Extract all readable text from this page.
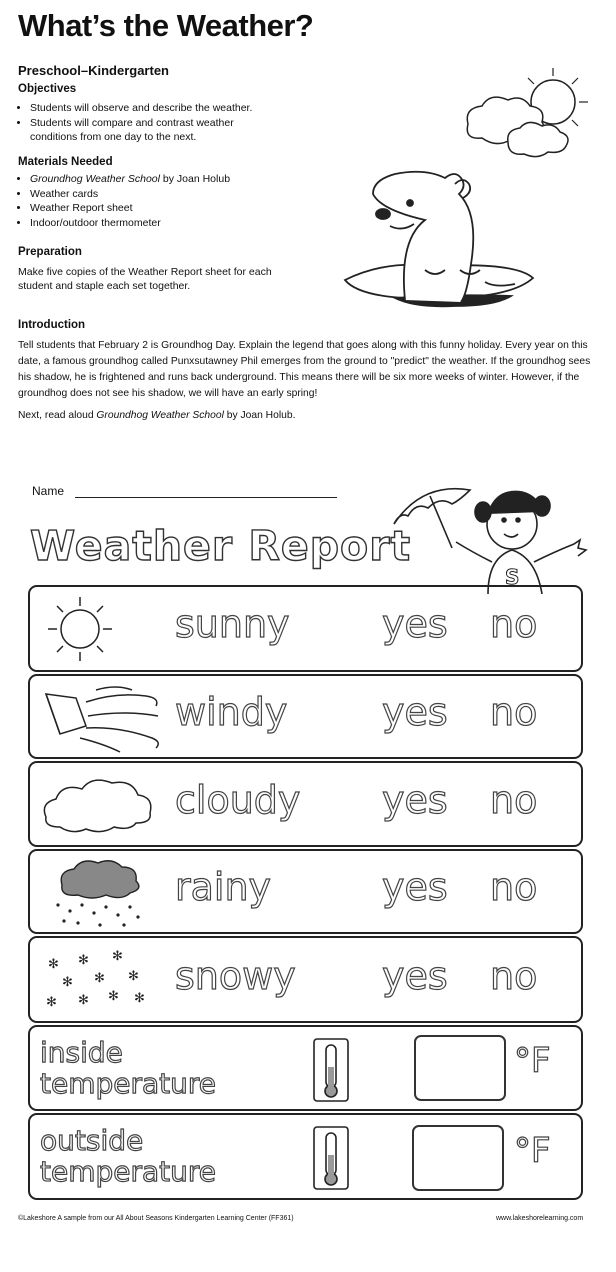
What’s the Weather?
Preschool–Kindergarten
Objectives
• Students will observe and describe the weather.
• Students will compare and contrast weather conditions from one day to the next.
Materials Needed
• Groundhog Weather School by Joan Holub
• Weather cards
• Weather Report sheet
• Indoor/outdoor thermometer
Preparation
Make five copies of the Weather Report sheet for each student and staple each set together.
Introduction
Tell students that February 2 is Groundhog Day. Explain the legend that goes along with this funny holiday. Every year on this date, a famous groundhog called Punxsutawney Phil emerges from the ground to "predict" the weather. If the groundhog sees his shadow, he is frightened and runs back underground. This means there will be six more weeks of winter. However, if the groundhog does not see his shadow, we will have an early spring!
Next, read aloud Groundhog Weather School by Joan Holub.
Name
Weather Report
S
sunny yes no
windy yes no
cloudy yes no
rainy	yes no
✻ ✻ ✻
✻ ✻ ✻
✻ ✻ ✻ ✻
snowy yes no
inside
temperature
°F
outside
temperature
°F
©Lakeshore A sample from our All About Seasons Kindergarten Learning Center (FF361)	www.lakeshorelearning.com
